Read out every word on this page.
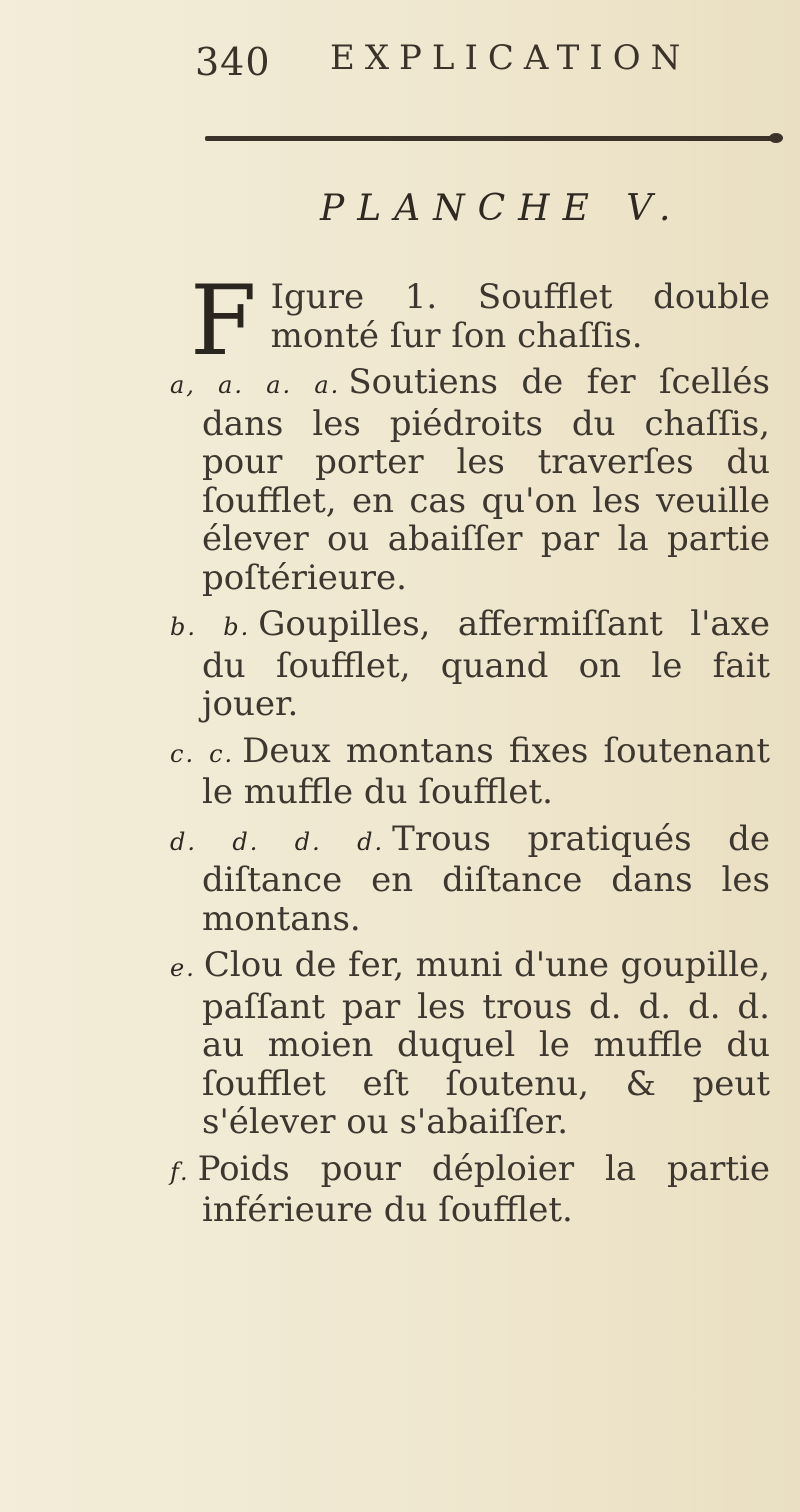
340 EXPLICATION
PLANCHE V.
F Igure 1. Soufflet double monté ſur ſon chaſſis.
a, a. a. a. Soutiens de fer ſcellés dans les piédroits du chaſſis, pour porter les traverſes du ſoufflet, en cas qu'on les veuille élever ou abaiſſer par la partie poſtérieure.
b. b. Goupilles, affermiſſant l'axe du ſoufflet, quand on le fait jouer.
c. c. Deux montans fixes ſoutenant le muffle du ſoufflet.
d. d. d. d. Trous pratiqués de diſtance en diſtance dans les montans.
e. Clou de fer, muni d'une goupille, paſſant par les trous d. d. d. d. au moien duquel le muffle du ſoufflet eſt ſoutenu, & peut s'élever ou s'abaiſſer.
f. Poids pour déploier la partie inférieure du ſoufflet.
